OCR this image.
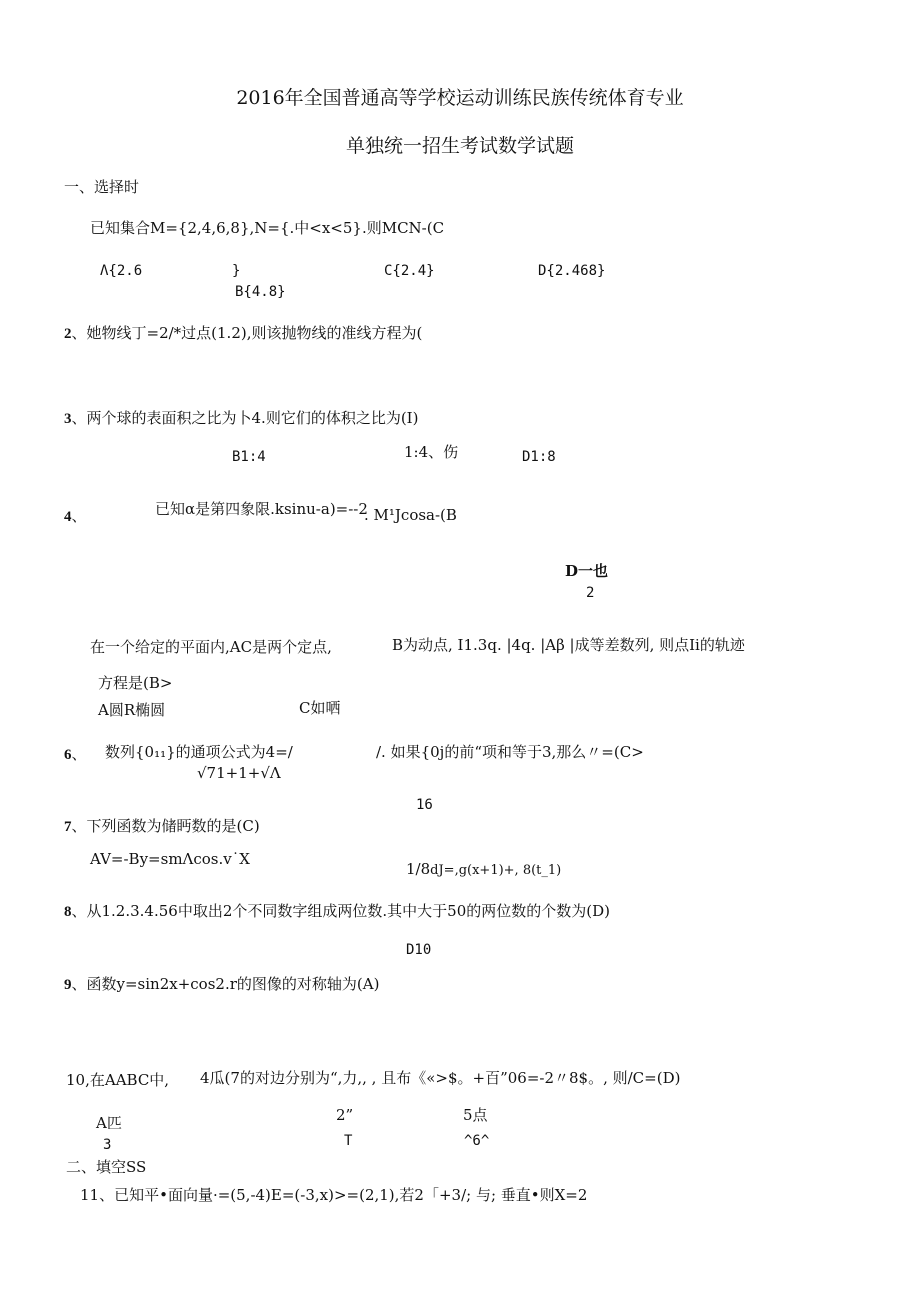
2016年全国普通高等学校运动训练民族传统体育专业
单独统一招生考试数学试题
一、选择时
已知集合M={2,4,6,8},N={.中<x<5}.则MCN-(C
Λ{2.6	}
B{4.8}
C{2.4}	D{2.468}
2、她物线丁=2/*过点(1.2),则该抛物线的准线方程为(
3、两个球的表面积之比为卜4.则它们的体积之比为(I)
B1:4	1:4、伤	D1:8
4、	已知α是第四象限.ksinu-a)=--2
. M¹Jcosa-(B
D一也
2
在一个给定的平面内,AC是两个定点,	B为动点, I1.3q. |4q. |Aβ |成等差数列, 则点Ⅰi的轨迹
方程是(B>
A圆R椭圆	C如哂
6、 数列{0₁₁}的通项公式为4=/	/. 如果{0j的前“项和等于3,那么〃=(C>
√71+1+√Λ
16
7、下列函数为储眄数的是(C)
AV=-By=smΛcos.v˙X
1/8dJ=,g(x+1)+, 8(t_1)
8、从1.2.3.4.56中取出2个不同数字组成两位数.其中大于50的两位数的个数为(D)
D10
9、函数y=sin2x+cos2.r的图像的对称轴为(A)
10,在AABC中, 4瓜(7的对边分别为“,力,, , 且布《«>$。+百”06=-2〃8$。, 则/C=(D)
A匹
3
2”
T
5点
^6^
二、填空SS
11、已知平•面向量·=(5,-4)E=(-3,x)>=(2,1),若2「+3/; 与; 垂直•则X=2
